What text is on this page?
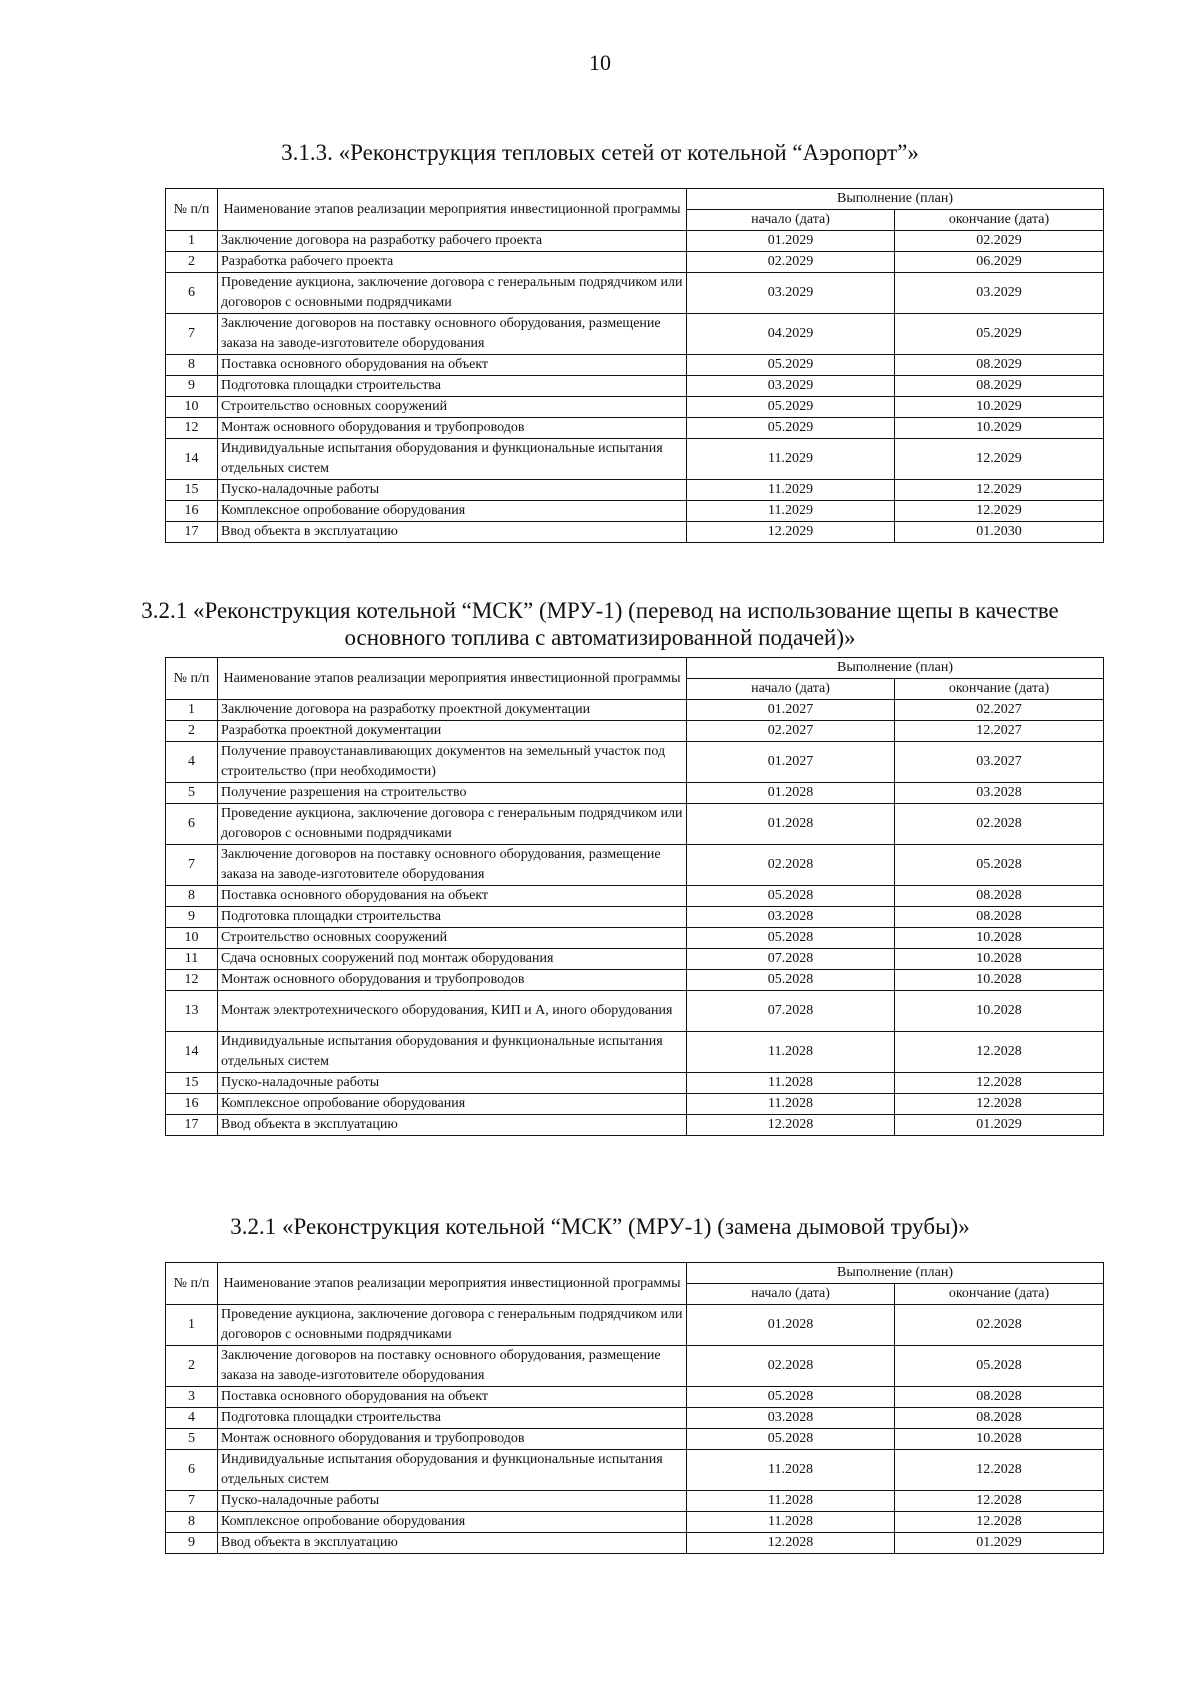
10
3.1.3. «Реконструкция тепловых сетей от котельной “Аэропорт”»
№ п/п	Наименование этапов реализации мероприятия инвестиционной программы	Выполнение (план)	
		начало (дата)	окончание (дата)

1	Заключение договора на разработку рабочего проекта	01.2029	02.2029
2	Разработка рабочего проекта	02.2029	06.2029
6	Проведение аукциона, заключение договора с генеральным подрядчиком или договоров с основными подрядчиками	03.2029	03.2029
7	Заключение договоров на поставку основного оборудования, размещение заказа на заводе-изготовителе оборудования	04.2029	05.2029
8	Поставка основного оборудования на объект	05.2029	08.2029
9	Подготовка площадки строительства	03.2029	08.2029
10	Строительство основных сооружений	05.2029	10.2029
12	Монтаж основного оборудования и трубопроводов	05.2029	10.2029
14	Индивидуальные испытания оборудования и функциональные испытания отдельных систем	11.2029	12.2029
15	Пуско-наладочные работы	11.2029	12.2029
16	Комплексное опробование оборудования	11.2029	12.2029
17	Ввод объекта в эксплуатацию	12.2029	01.2030
3.2.1 «Реконструкция котельной “МСК” (МРУ-1) (перевод на использование щепы в качестве основного топлива с автоматизированной подачей)»
№ п/п	Наименование этапов реализации мероприятия инвестиционной программы	Выполнение (план)	
		начало (дата)	окончание (дата)

1	Заключение договора на разработку проектной документации	01.2027	02.2027
2	Разработка проектной документации	02.2027	12.2027
4	Получение правоустанавливающих документов на земельный участок под строительство (при необходимости)	01.2027	03.2027
5	Получение разрешения на строительство	01.2028	03.2028
6	Проведение аукциона, заключение договора с генеральным подрядчиком или договоров с основными подрядчиками	01.2028	02.2028
7	Заключение договоров на поставку основного оборудования, размещение заказа на заводе-изготовителе оборудования	02.2028	05.2028
8	Поставка основного оборудования на объект	05.2028	08.2028
9	Подготовка площадки строительства	03.2028	08.2028
10	Строительство основных сооружений	05.2028	10.2028
11	Сдача основных сооружений под монтаж оборудования	07.2028	10.2028
12	Монтаж основного оборудования и трубопроводов	05.2028	10.2028
13	Монтаж электротехнического оборудования, КИП и А, иного оборудования	07.2028	10.2028
14	Индивидуальные испытания оборудования и функциональные испытания отдельных систем	11.2028	12.2028
15	Пуско-наладочные работы	11.2028	12.2028
16	Комплексное опробование оборудования	11.2028	12.2028
17	Ввод объекта в эксплуатацию	12.2028	01.2029
3.2.1 «Реконструкция котельной “МСК” (МРУ-1) (замена дымовой трубы)»
№ п/п	Наименование этапов реализации мероприятия инвестиционной программы	Выполнение (план)	
		начало (дата)	окончание (дата)

1	Проведение аукциона, заключение договора с генеральным подрядчиком или договоров с основными подрядчиками	01.2028	02.2028
2	Заключение договоров на поставку основного оборудования, размещение заказа на заводе-изготовителе оборудования	02.2028	05.2028
3	Поставка основного оборудования на объект	05.2028	08.2028
4	Подготовка площадки строительства	03.2028	08.2028
5	Монтаж основного оборудования и трубопроводов	05.2028	10.2028
6	Индивидуальные испытания оборудования и функциональные испытания отдельных систем	11.2028	12.2028
7	Пуско-наладочные работы	11.2028	12.2028
8	Комплексное опробование оборудования	11.2028	12.2028
9	Ввод объекта в эксплуатацию	12.2028	01.2029
